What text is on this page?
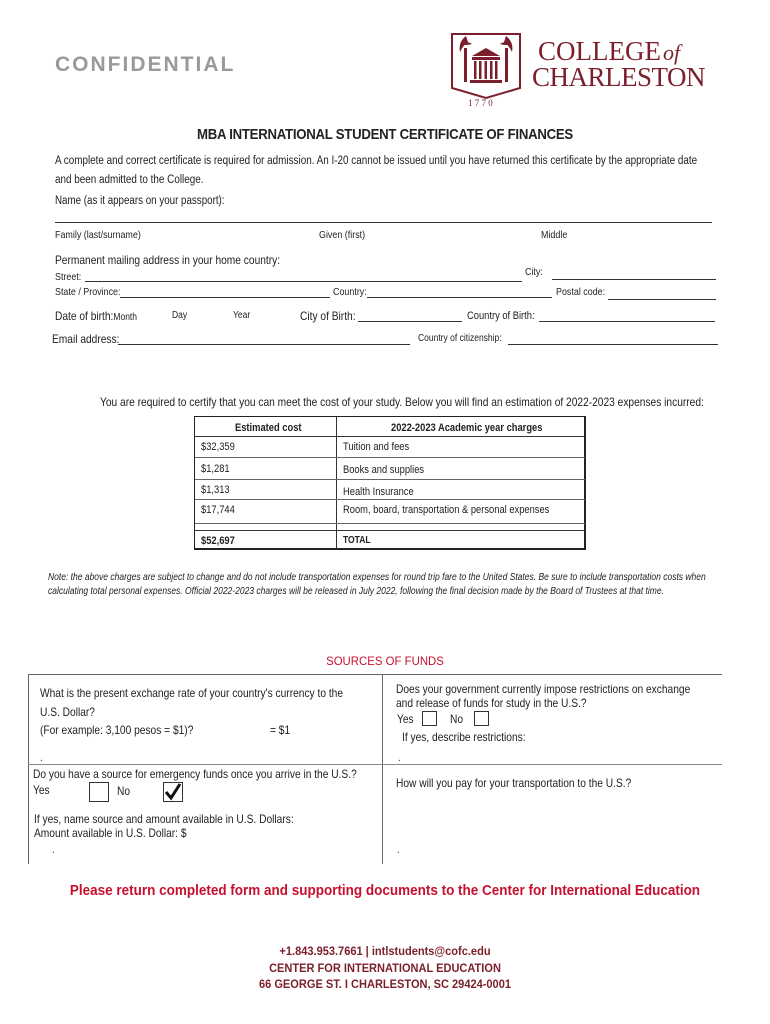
CONFIDENTIAL
1 7 7 0
COLLEGEof
CHARLESTON
MBA INTERNATIONAL STUDENT CERTIFICATE OF FINANCES
A complete and correct certificate is required for admission. An I-20 cannot be issued until you have returned this certificate by the appropriate date and been admitted to the College.
Name (as it appears on your passport):
Family (last/surname)	Given (first)	Middle
Permanent mailing address in your home country:
Street:	City:
State / Province:	Country:	Postal code:
Date of birth:Month	Day	Year	City of Birth:	Country of Birth:
Email address:	Country of citizenship:
You are required to certify that you can meet the cost of your study. Below you will find an estimation of 2022-2023 expenses incurred:
Estimated cost	2022-2023 Academic year charges
$32,359	Tuition and fees
$1,281	Books and supplies
$1,313	Health Insurance
$17,744	Room, board, transportation & personal expenses
$52,697	TOTAL
Note: the above charges are subject to change and do not include transportation expenses for round trip fare to the United States. Be sure to include transportation costs when calculating total personal expenses. Official 2022-2023 charges will be released in July 2022, following the final decision made by the Board of Trustees at that time.
SOURCES OF FUNDS
What is the present exchange rate of your country's currency to the U.S. Dollar?
(For example: 3,100 pesos = $1)?	= $1
.
Does your government currently impose restrictions on exchange and release of funds for study in the U.S.?
Yes	No
If yes, describe restrictions:
.
Do you have a source for emergency funds once you arrive in the U.S.?
Yes	No
How will you pay for your transportation to the U.S.?
If yes, name source and amount available in U.S. Dollars:
Amount available in U.S. Dollar: $
.	.
Please return completed form and supporting documents to the Center for International Education
+1.843.953.7661 | intlstudents@cofc.edu
CENTER FOR INTERNATIONAL EDUCATION
66 GEORGE ST. I CHARLESTON, SC 29424-0001
